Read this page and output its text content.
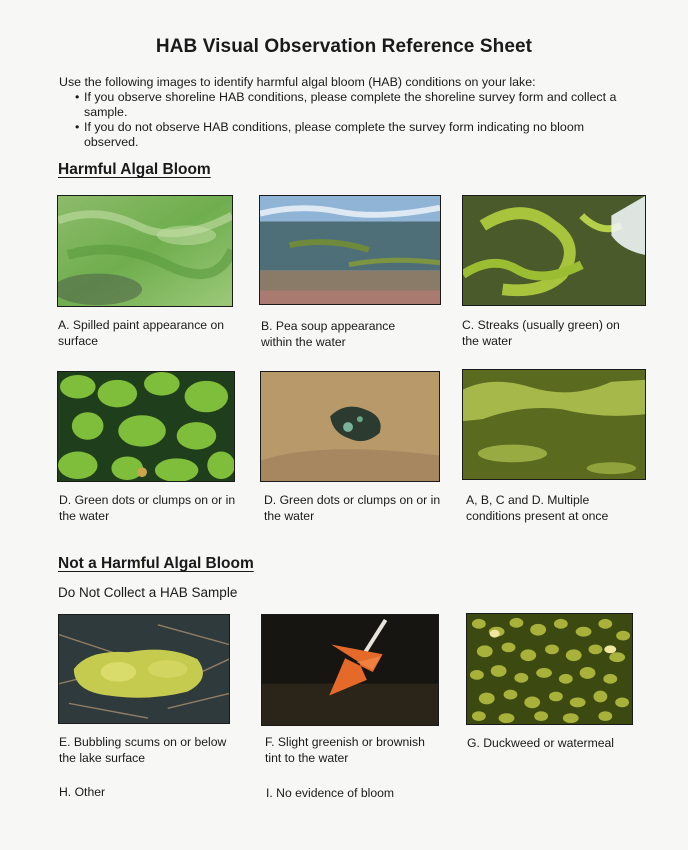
HAB Visual Observation Reference Sheet
Use the following images to identify harmful algal bloom (HAB) conditions on your lake:
• If you observe shoreline HAB conditions, please complete the shoreline survey form and collect a sample.
• If you do not observe HAB conditions, please complete the survey form indicating no bloom observed.
Harmful Algal Bloom
A. Spilled paint appearance on surface
B. Pea soup appearance within the water
C. Streaks (usually green) on the water
D. Green dots or clumps on or in the water
D. Green dots or clumps on or in the water
A, B, C and D. Multiple conditions present at once
Not a Harmful Algal Bloom
Do Not Collect a HAB Sample
E. Bubbling scums on or below the lake surface
F. Slight greenish or brownish tint to the water
G. Duckweed or watermeal
H. Other	I. No evidence of bloom
